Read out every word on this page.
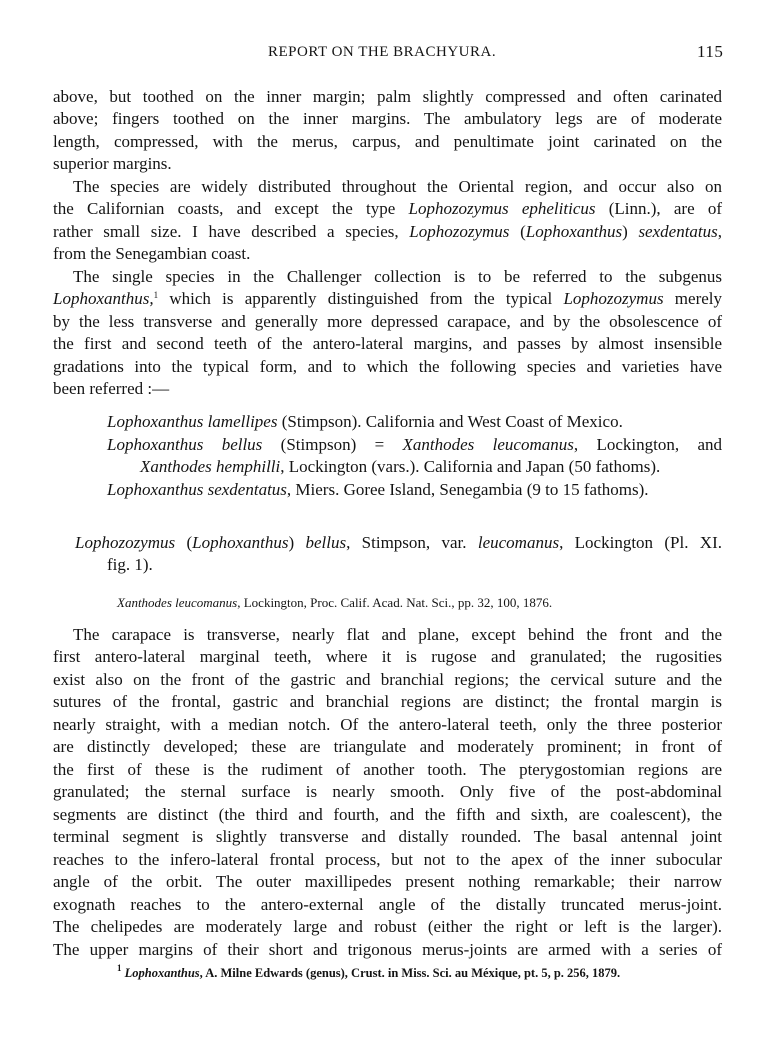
REPORT ON THE BRACHYURA.	115
above, but toothed on the inner margin; palm slightly compressed and often carinated
above; fingers toothed on the inner margins. The ambulatory legs are of moderate
length, compressed, with the merus, carpus, and penultimate joint carinated on the
superior margins.
The species are widely distributed throughout the Oriental region, and occur also on
the Californian coasts, and except the type Lophozozymus epheliticus (Linn.), are of
rather small size. I have described a species, Lophozozymus (Lophoxanthus) sexdentatus,
from the Senegambian coast.
The single species in the Challenger collection is to be referred to the subgenus
Lophoxanthus,$^1$ which is apparently distinguished from the typical Lophozozymus merely
by the less transverse and generally more depressed carapace, and by the obsolescence of
the first and second teeth of the antero-lateral margins, and passes by almost insensible
gradations into the typical form, and to which the following species and varieties have
been referred :—
Lophoxanthus lamellipes (Stimpson). California and West Coast of Mexico.
Lophoxanthus bellus (Stimpson) = Xanthodes leucomanus, Lockington, and
Xanthodes hemphilli, Lockington (vars.). California and Japan (50 fathoms).
Lophoxanthus sexdentatus, Miers. Goree Island, Senegambia (9 to 15 fathoms).
Lophozozymus (Lophoxanthus) bellus, Stimpson, var. leucomanus, Lockington (Pl. XI.
fig. 1).
Xanthodes leucomanus, Lockington, Proc. Calif. Acad. Nat. Sci., pp. 32, 100, 1876.
The carapace is transverse, nearly flat and plane, except behind the front and the
first antero-lateral marginal teeth, where it is rugose and granulated; the rugosities
exist also on the front of the gastric and branchial regions; the cervical suture and the
sutures of the frontal, gastric and branchial regions are distinct; the frontal margin is
nearly straight, with a median notch. Of the antero-lateral teeth, only the three posterior
are distinctly developed; these are triangulate and moderately prominent; in front of
the first of these is the rudiment of another tooth. The pterygostomian regions are
granulated; the sternal surface is nearly smooth. Only five of the post-abdominal
segments are distinct (the third and fourth, and the fifth and sixth, are coalescent), the
terminal segment is slightly transverse and distally rounded. The basal antennal joint
reaches to the infero-lateral frontal process, but not to the apex of the inner subocular
angle of the orbit. The outer maxillipedes present nothing remarkable; their narrow
exognath reaches to the antero-external angle of the distally truncated merus-joint.
The chelipedes are moderately large and robust (either the right or left is the larger).
The upper margins of their short and trigonous merus-joints are armed with a series of
$^1$ Lophoxanthus, A. Milne Edwards (genus), Crust. in Miss. Sci. au Méxique, pt. 5, p. 256, 1879.
